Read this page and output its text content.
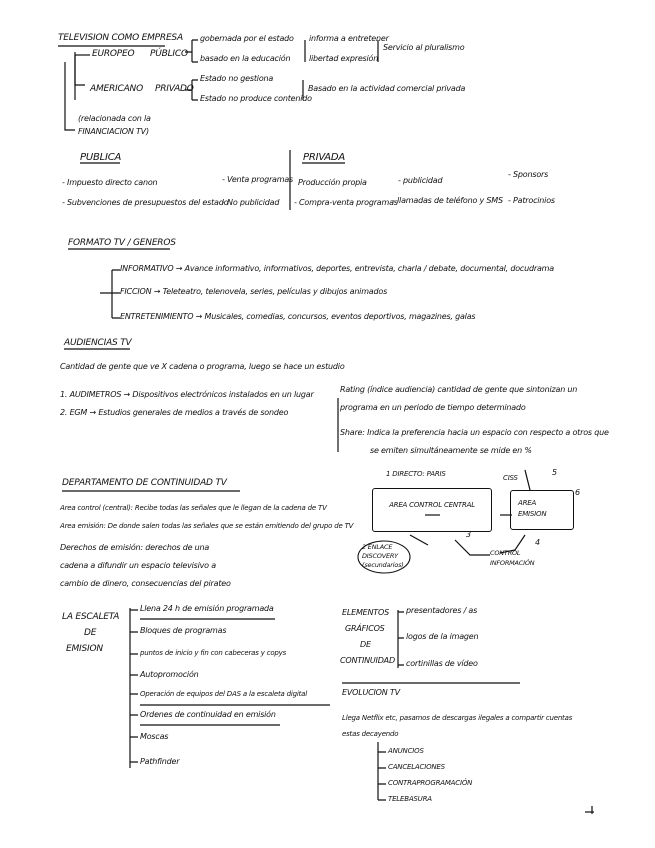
TELEVISION COMO EMPRESA
EUROPEO PÚBLICO
gobernada por el estado
basado en la educación
informa a entretener
libertad expresión
Servicio al pluralismo
AMERICANO PRIVADO
Estado no gestiona
Estado no produce contenido
Basado en la actividad comercial privada
(relacionada con la
FINANCIACION TV)
PUBLICA	PRIVADA
- Impuesto directo canon	- Venta programas
- Subvenciones de presupuestos del estado
- No publicidad
Producción propia	- publicidad
- Sponsors
- Compra-venta programas
- llamadas de teléfono y SMS - Patrocinios
FORMATO TV / GENEROS
INFORMATIVO → Avance informativo, informativos, deportes, entrevista, charla / debate, documental, docudrama
FICCION → Teleteatro, telenovela, series, películas y dibujos animados
ENTRETENIMIENTO → Musicales, comedias, concursos, eventos deportivos, magazines, galas
AUDIENCIAS TV
Cantidad de gente que ve X cadena o programa, luego se hace un estudio
1. AUDIMETROS → Dispositivos electrónicos instalados en un lugar
2. EGM → Estudios generales de medios a través de sondeo
Rating (índice audiencia) cantidad de gente que sintonizan un
programa en un periodo de tiempo determinado
Share: Indica la preferencia hacia un espacio con respecto a otros que
se emiten simultáneamente se mide en %
DEPARTAMENTO DE CONTINUIDAD TV
Area control (central): Recibe todas las señales que le llegan de la cadena de TV
Area emisión: De donde salen todas las señales que se están emitiendo del grupo de TV
Derechos de emisión: derechos de una
cadena a difundir un espacio televisivo a
cambio de dinero, consecuencias del pirateo
1 DIRECTO: PARIS	CISS
AREA CONTROL CENTRAL	AREA EMISION
2 ENLACE DISCOVERY (secundarios)
CONTROL INFORMACIÓN
3
4
5
6
LA ESCALETA
DE
EMISION
Llena 24 h de emisión programada
Bloques de programas
puntos de inicio y fin con cabeceras y copys
Autopromoción
Operación de equipos del DAS a la escaleta digital
Ordenes de continuidad en emisión
Moscas
Pathfinder
ELEMENTOS
GRÁFICOS
DE
CONTINUIDAD
presentadores / as
logos de la imagen
cortinillas de vídeo
EVOLUCION TV
Llega Netflix etc, pasamos de descargas ilegales a compartir cuentas
estas decayendo
ANUNCIOS
CANCELACIONES
CONTRAPROGRAMACIÓN
TELEBASURA
